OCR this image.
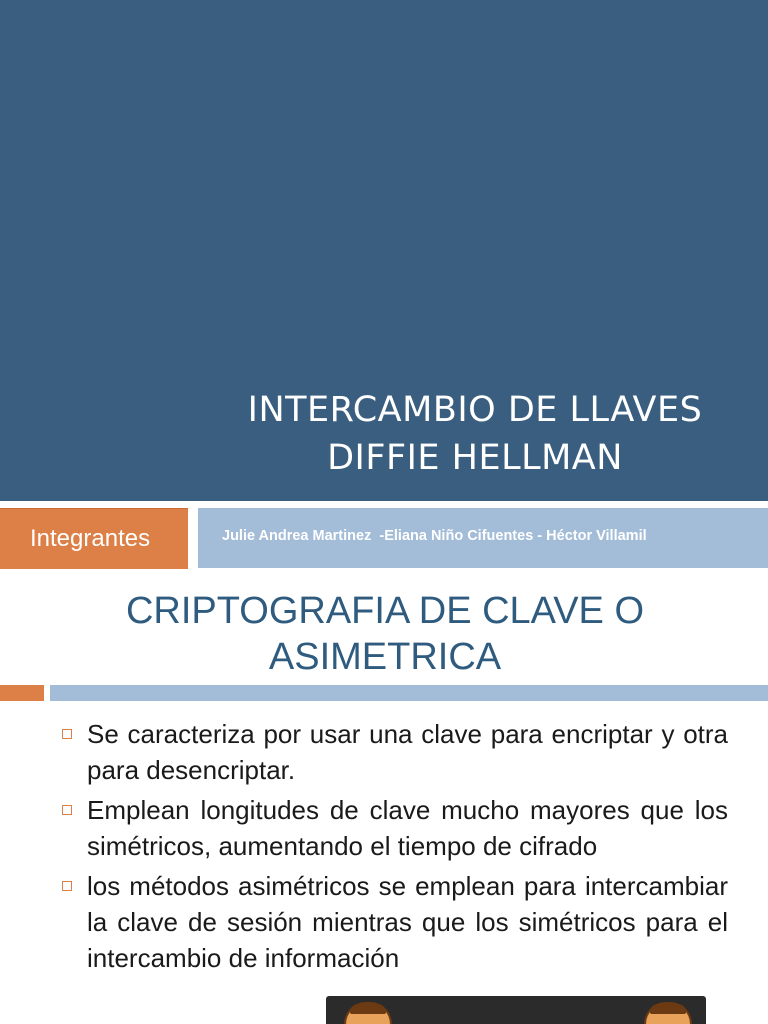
INTERCAMBIO DE LLAVES
DIFFIE HELLMAN
Integrantes	Julie Andrea Martinez  -Eliana Niño Cifuentes - Héctor Villamil
CRIPTOGRAFIA DE CLAVE O
ASIMETRICA
Se caracteriza por usar una clave para encriptar y otra para desencriptar.
Emplean longitudes de clave mucho mayores que los simétricos, aumentando el tiempo de cifrado
los métodos asimétricos se emplean para intercambiar la clave de sesión mientras que los simétricos para el intercambio de información
